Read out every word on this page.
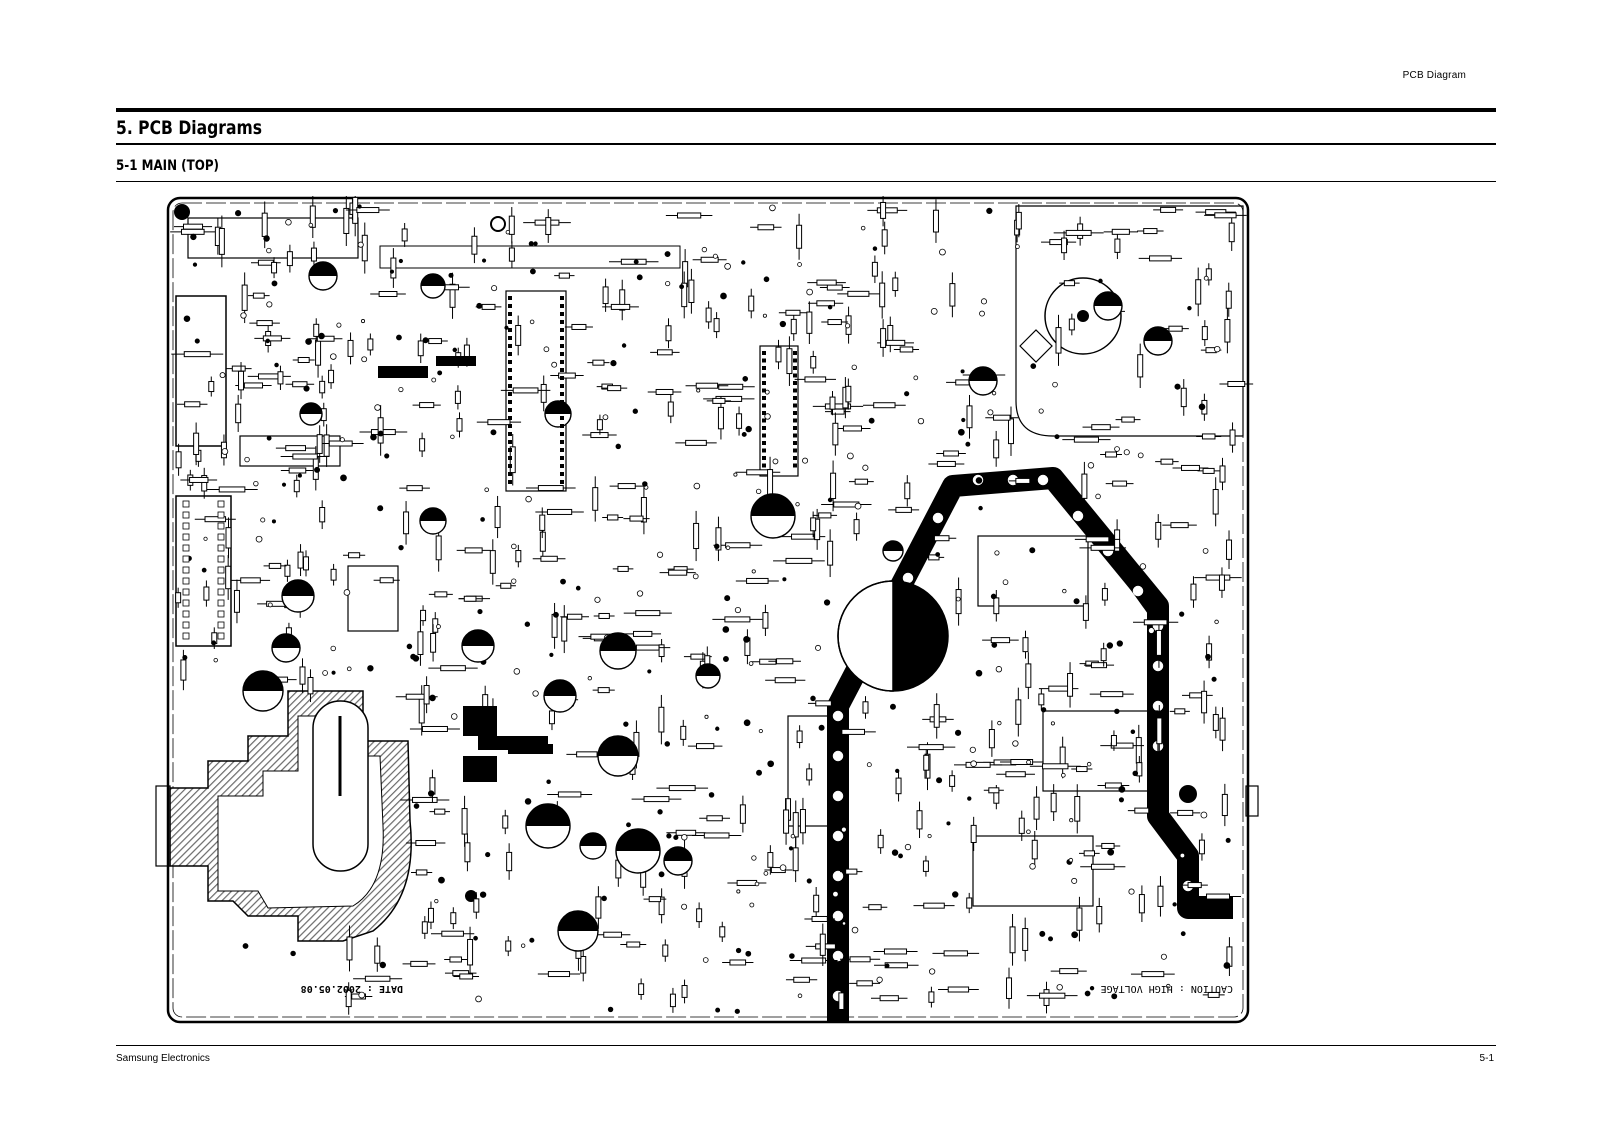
PCB Diagram
5. PCB Diagrams
5-1 MAIN (TOP)
CAUTION : HIGH VOLTAGE
DATE : 2002.05.08
Samsung Electronics	5-1
